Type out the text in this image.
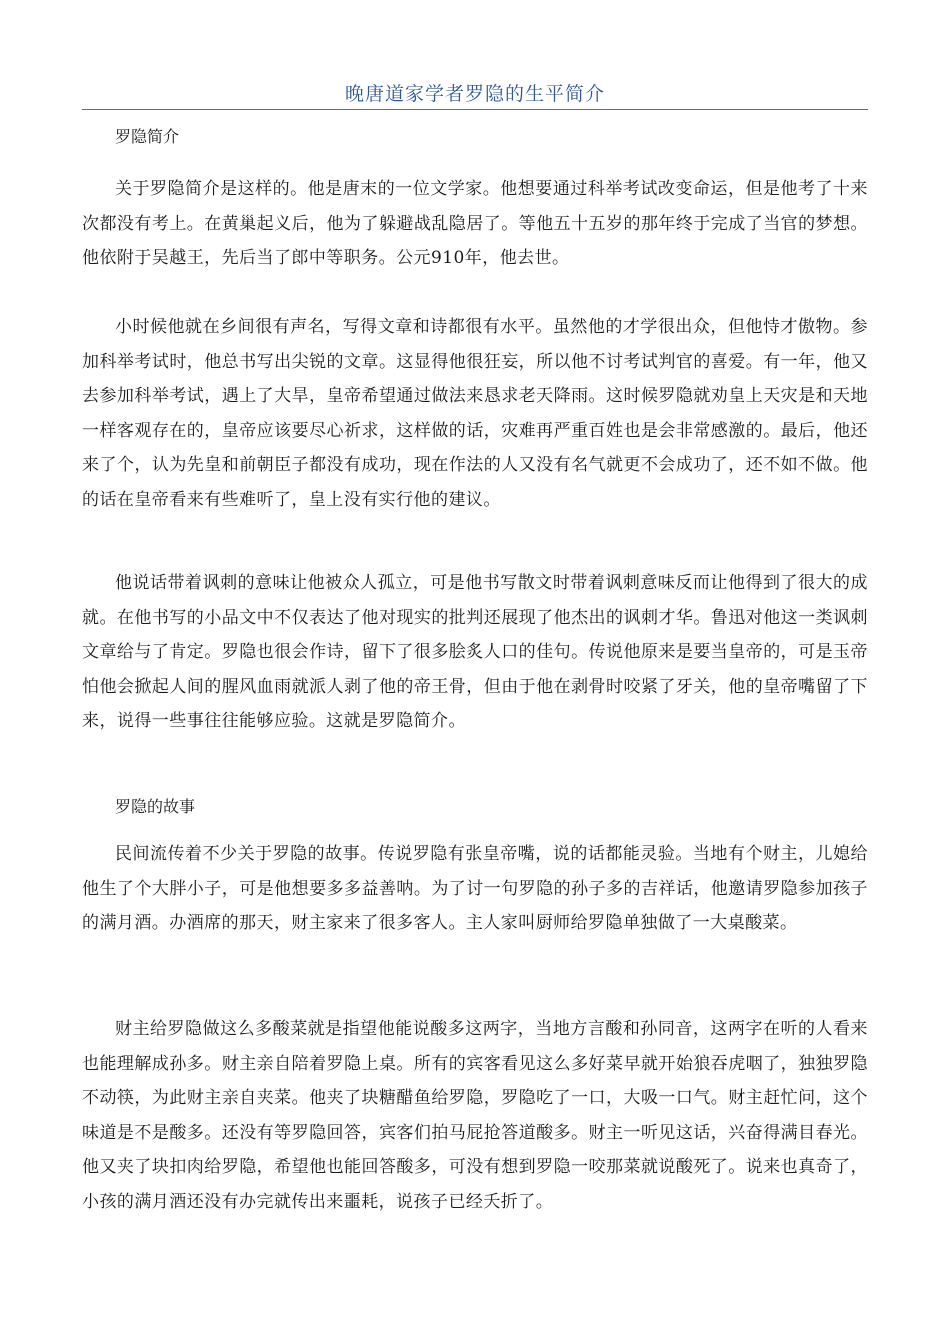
晚唐道家学者罗隐的生平简介
罗隐简介

关于罗隐简介是这样的。他是唐末的一位文学家。他想要通过科举考试改变命运，但是他考了十来次都没有考上。在黄巢起义后，他为了躲避战乱隐居了。等他五十五岁的那年终于完成了当官的梦想。他依附于吴越王，先后当了郎中等职务。公元910年，他去世。

小时候他就在乡间很有声名，写得文章和诗都很有水平。虽然他的才学很出众，但他恃才傲物。参加科举考试时，他总书写出尖锐的文章。这显得他很狂妄，所以他不讨考试判官的喜爱。有一年，他又去参加科举考试，遇上了大旱，皇帝希望通过做法来恳求老天降雨。这时候罗隐就劝皇上天灾是和天地一样客观存在的，皇帝应该要尽心祈求，这样做的话，灾难再严重百姓也是会非常感激的。最后，他还来了个，认为先皇和前朝臣子都没有成功，现在作法的人又没有名气就更不会成功了，还不如不做。他的话在皇帝看来有些难听了，皇上没有实行他的建议。

他说话带着讽刺的意味让他被众人孤立，可是他书写散文时带着讽刺意味反而让他得到了很大的成就。在他书写的小品文中不仅表达了他对现实的批判还展现了他杰出的讽刺才华。鲁迅对他这一类讽刺文章给与了肯定。罗隐也很会作诗，留下了很多脍炙人口的佳句。传说他原来是要当皇帝的，可是玉帝怕他会掀起人间的腥风血雨就派人剥了他的帝王骨，但由于他在剥骨时咬紧了牙关，他的皇帝嘴留了下来，说得一些事往往能够应验。这就是罗隐简介。

罗隐的故事

民间流传着不少关于罗隐的故事。传说罗隐有张皇帝嘴，说的话都能灵验。当地有个财主，儿媳给他生了个大胖小子，可是他想要多多益善呐。为了讨一句罗隐的孙子多的吉祥话，他邀请罗隐参加孩子的满月酒。办酒席的那天，财主家来了很多客人。主人家叫厨师给罗隐单独做了一大桌酸菜。

财主给罗隐做这么多酸菜就是指望他能说酸多这两字，当地方言酸和孙同音，这两字在听的人看来也能理解成孙多。财主亲自陪着罗隐上桌。所有的宾客看见这么多好菜早就开始狼吞虎咽了，独独罗隐不动筷，为此财主亲自夹菜。他夹了块糖醋鱼给罗隐，罗隐吃了一口，大吸一口气。财主赶忙问，这个味道是不是酸多。还没有等罗隐回答，宾客们拍马屁抢答道酸多。财主一听见这话，兴奋得满目春光。他又夹了块扣肉给罗隐，希望他也能回答酸多，可没有想到罗隐一咬那菜就说酸死了。说来也真奇了，小孩的满月酒还没有办完就传出来噩耗，说孩子已经夭折了。
